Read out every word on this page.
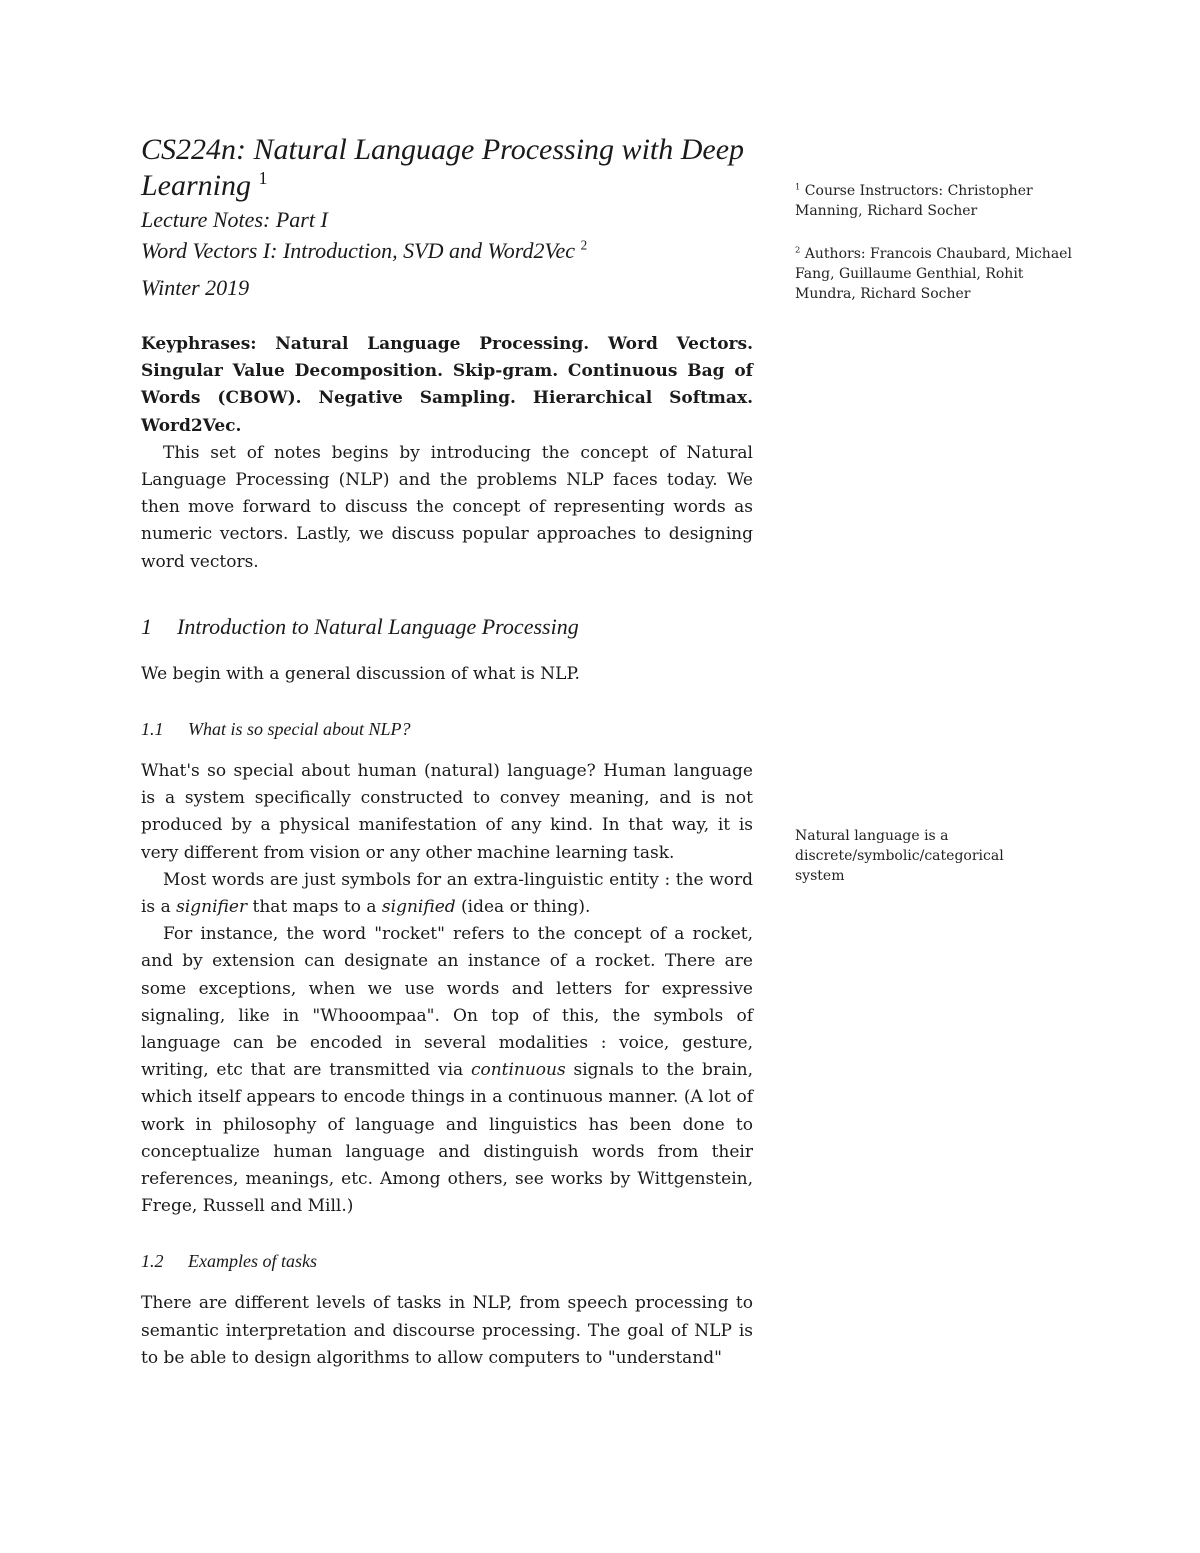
CS224n: Natural Language Processing with Deep Learning $^1$
Lecture Notes: Part I
Word Vectors I: Introduction, SVD and Word2Vec $^2$
Winter 2019

Keyphrases: Natural Language Processing. Word Vectors. Singular Value Decomposition. Skip-gram. Continuous Bag of Words (CBOW). Negative Sampling. Hierarchical Softmax. Word2Vec.

This set of notes begins by introducing the concept of Natural Language Processing (NLP) and the problems NLP faces today. We then move forward to discuss the concept of representing words as numeric vectors. Lastly, we discuss popular approaches to designing word vectors.

1 Introduction to Natural Language Processing

We begin with a general discussion of what is NLP.

1.1 What is so special about NLP?

What's so special about human (natural) language? Human language is a system specifically constructed to convey meaning, and is not produced by a physical manifestation of any kind. In that way, it is very different from vision or any other machine learning task.

Most words are just symbols for an extra-linguistic entity : the word is a signifier that maps to a signified (idea or thing).

For instance, the word "rocket" refers to the concept of a rocket, and by extension can designate an instance of a rocket. There are some exceptions, when we use words and letters for expressive signaling, like in "Whooompaa". On top of this, the symbols of language can be encoded in several modalities : voice, gesture, writing, etc that are transmitted via continuous signals to the brain, which itself appears to encode things in a continuous manner. (A lot of work in philosophy of language and linguistics has been done to conceptualize human language and distinguish words from their references, meanings, etc. Among others, see works by Wittgenstein, Frege, Russell and Mill.)

1.2 Examples of tasks

There are different levels of tasks in NLP, from speech processing to semantic interpretation and discourse processing. The goal of NLP is to be able to design algorithms to allow computers to "understand"

$^1$ Course Instructors: Christopher Manning, Richard Socher
$^2$ Authors: Francois Chaubard, Michael Fang, Guillaume Genthial, Rohit Mundra, Richard Socher
Natural language is a discrete/symbolic/categorical system
